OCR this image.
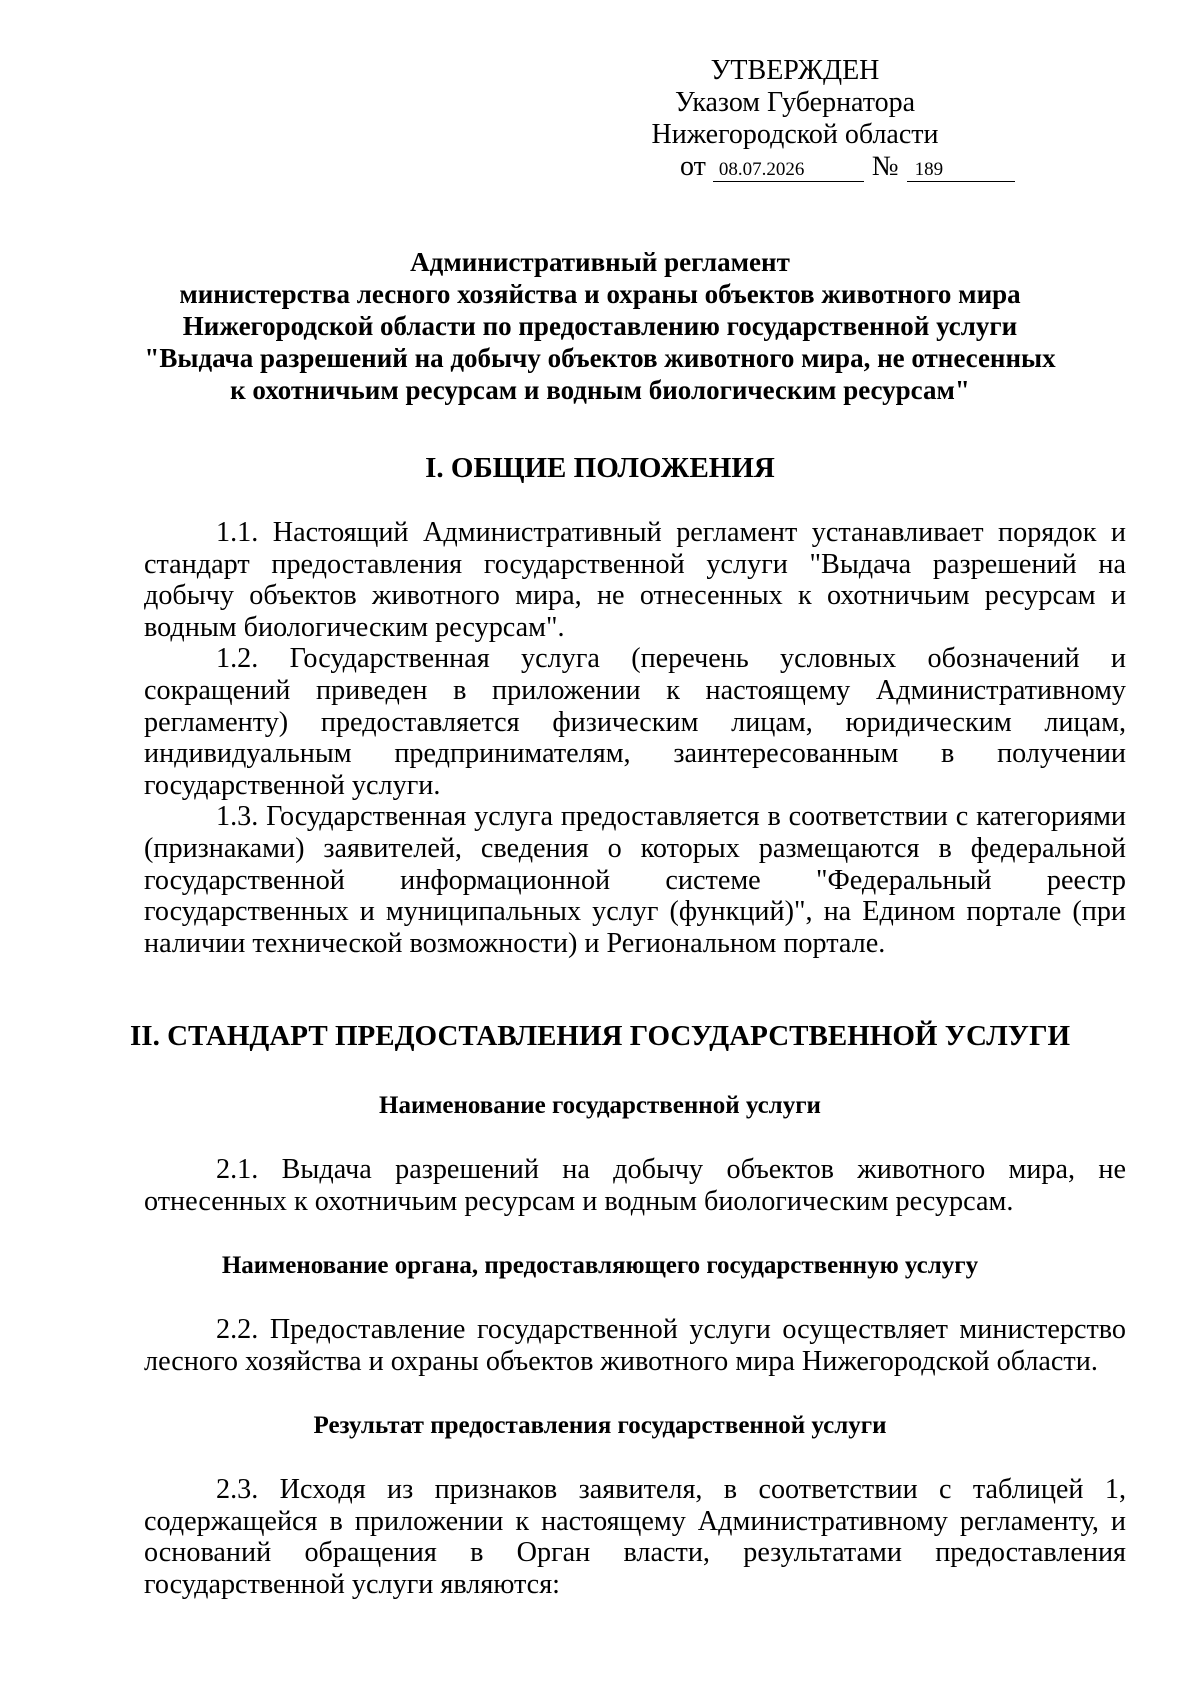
УТВЕРЖДЕН
Указом Губернатора
Нижегородской области
от 08.07.2026 № 189
Административный регламент
министерства лесного хозяйства и охраны объектов животного мира
Нижегородской области по предоставлению государственной услуги
"Выдача разрешений на добычу объектов животного мира, не отнесенных
к охотничьим ресурсам и водным биологическим ресурсам"
I. ОБЩИЕ ПОЛОЖЕНИЯ

1.1. Настоящий Административный регламент устанавливает порядок и стандарт предоставления государственной услуги "Выдача разрешений на добычу объектов животного мира, не отнесенных к охотничьим ресурсам и водным биологическим ресурсам".

1.2. Государственная услуга (перечень условных обозначений и сокращений приведен в приложении к настоящему Административному регламенту) предоставляется физическим лицам, юридическим лицам, индивидуальным предпринимателям, заинтересованным в получении государственной услуги.

1.3. Государственная услуга предоставляется в соответствии с категориями (признаками) заявителей, сведения о которых размещаются в федеральной государственной информационной системе "Федеральный реестр государственных и муниципальных услуг (функций)", на Едином портале (при наличии технической возможности) и Региональном портале.

II. СТАНДАРТ ПРЕДОСТАВЛЕНИЯ ГОСУДАРСТВЕННОЙ УСЛУГИ
Наименование государственной услуги

2.1. Выдача разрешений на добычу объектов животного мира, не отнесенных к охотничьим ресурсам и водным биологическим ресурсам.

Наименование органа, предоставляющего государственную услугу

2.2. Предоставление государственной услуги осуществляет министерство лесного хозяйства и охраны объектов животного мира Нижегородской области.

Результат предоставления государственной услуги

2.3. Исходя из признаков заявителя, в соответствии с таблицей 1, содержащейся в приложении к настоящему Административному регламенту, и оснований обращения в Орган власти, результатами предоставления государственной услуги являются:
